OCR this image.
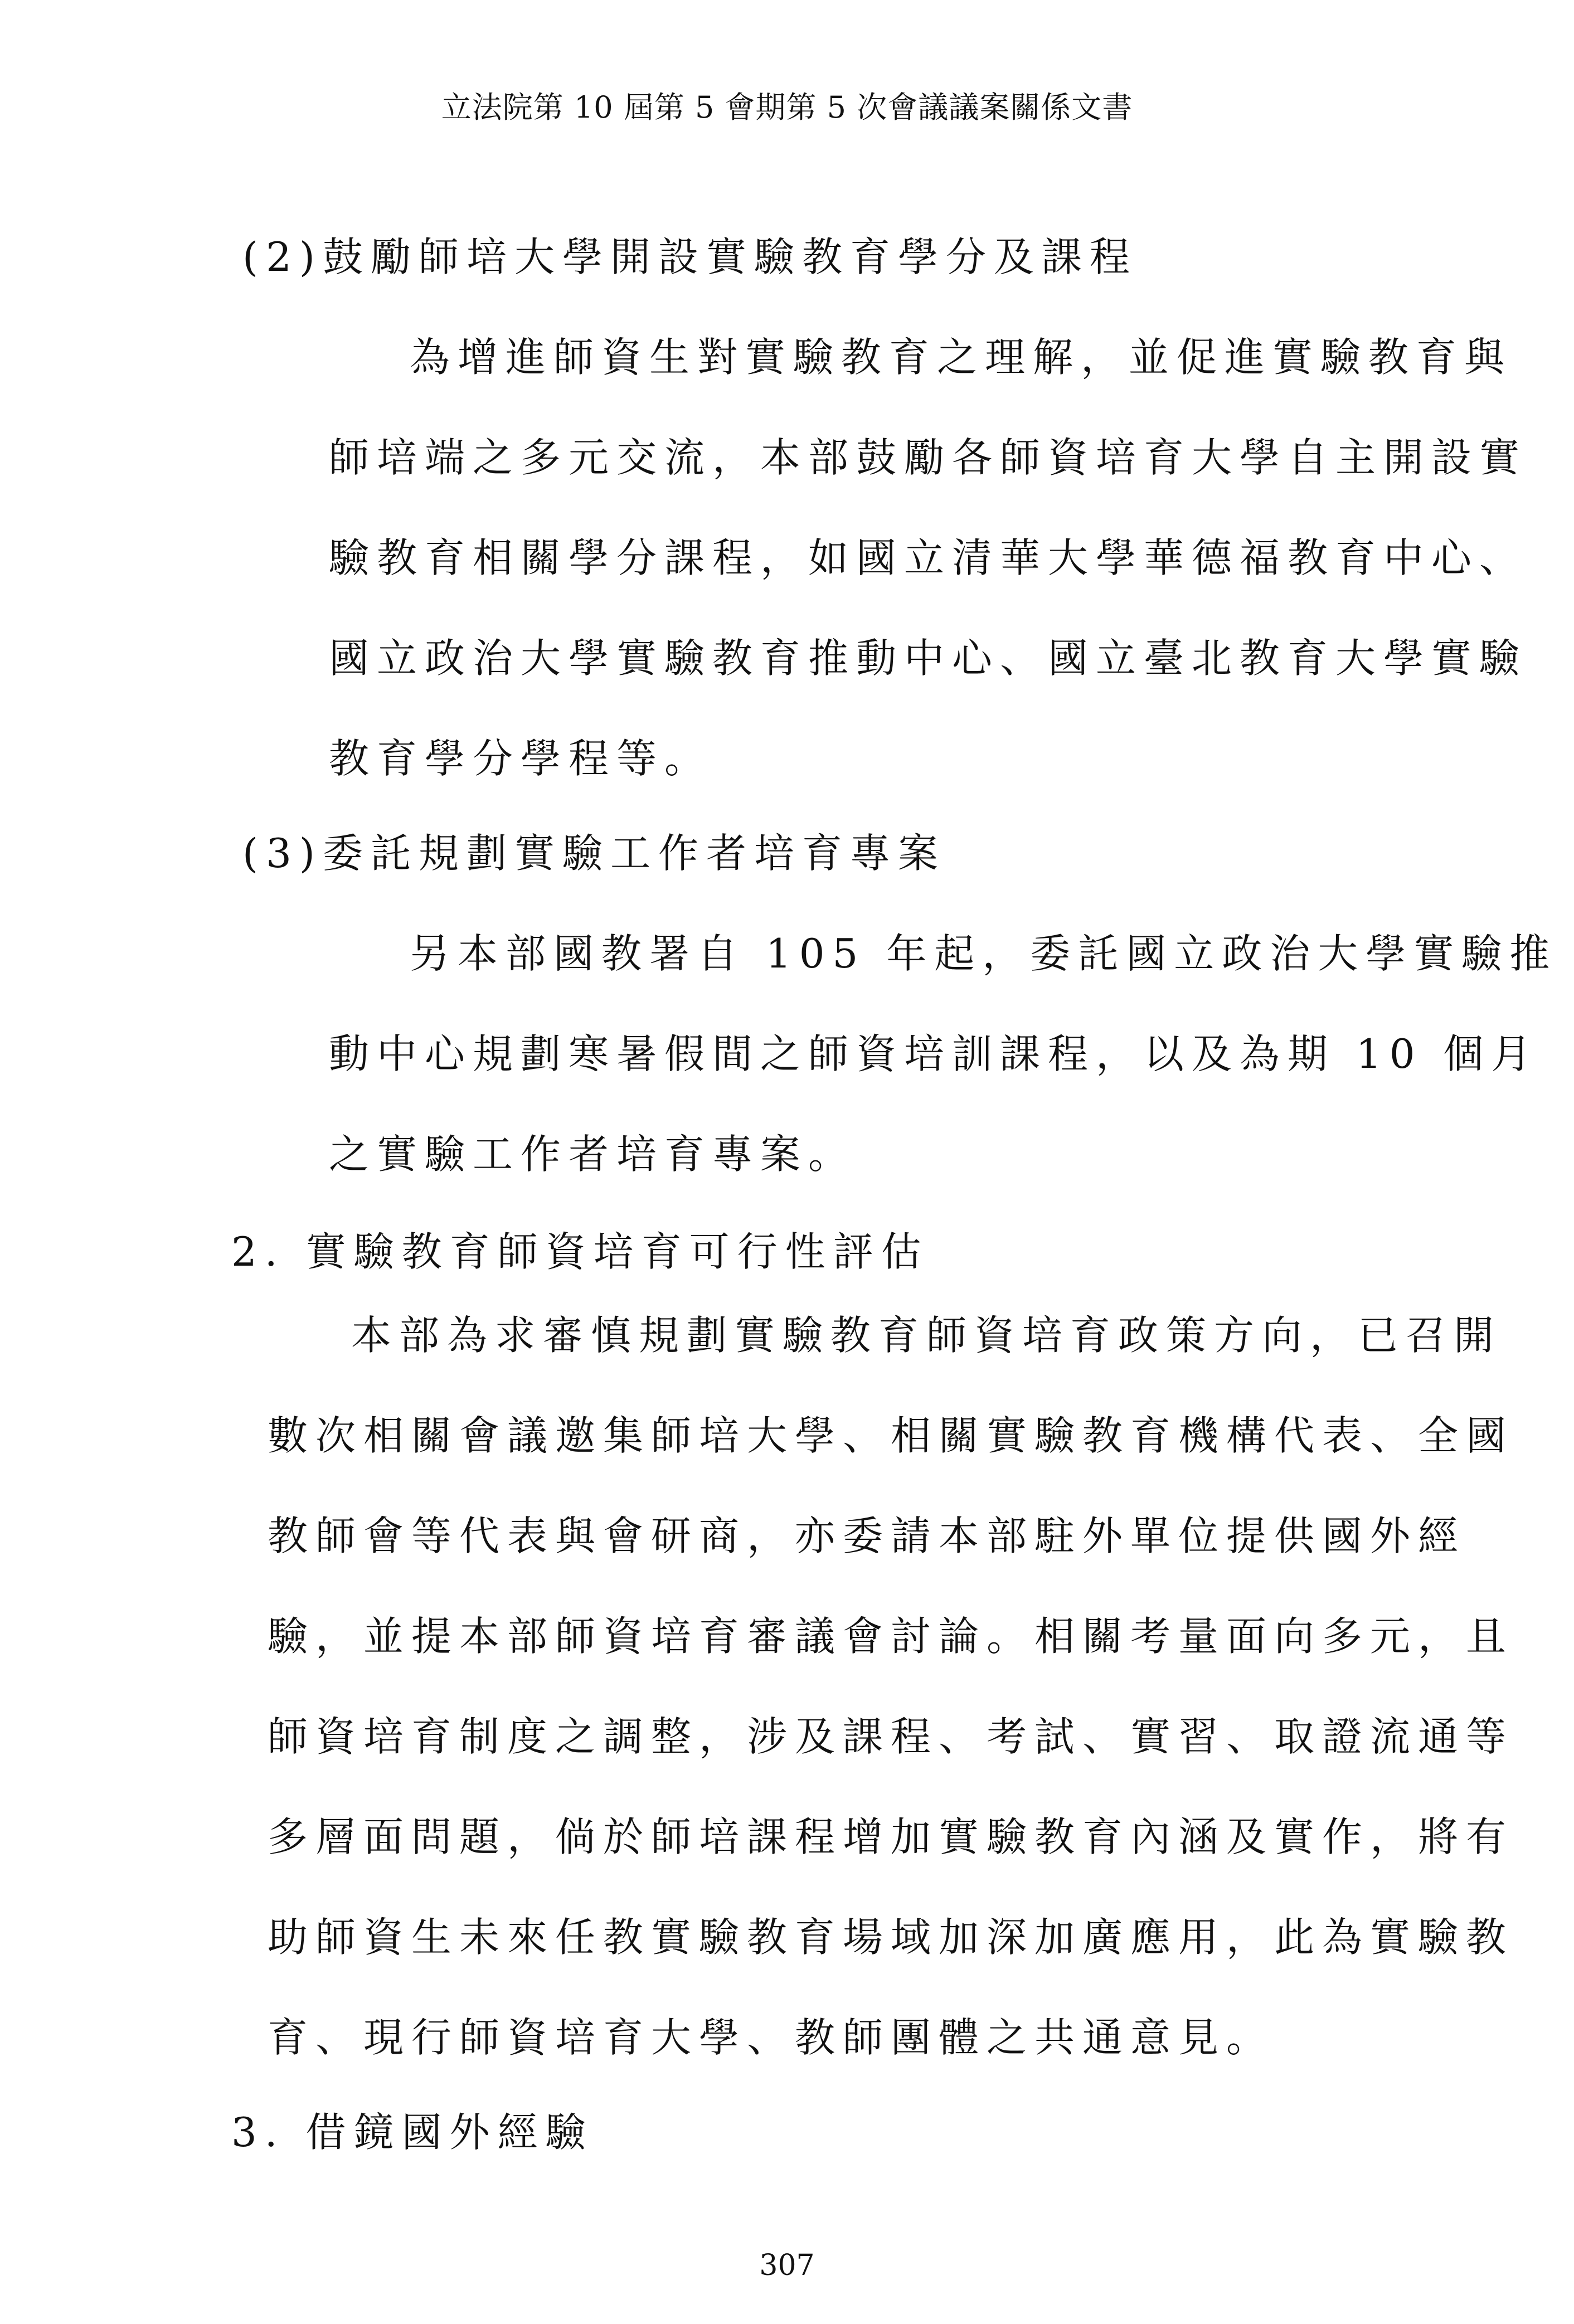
立法院第 10 屆第 5 會期第 5 次會議議案關係文書
(2)鼓勵師培大學開設實驗教育學分及課程
為增進師資生對實驗教育之理解，並促進實驗教育與
師培端之多元交流，本部鼓勵各師資培育大學自主開設實
驗教育相關學分課程，如國立清華大學華德福教育中心、
國立政治大學實驗教育推動中心、國立臺北教育大學實驗
教育學分學程等。
(3)委託規劃實驗工作者培育專案
另本部國教署自 105 年起，委託國立政治大學實驗推
動中心規劃寒暑假間之師資培訓課程，以及為期 10 個月
之實驗工作者培育專案。
2. 實驗教育師資培育可行性評估
本部為求審慎規劃實驗教育師資培育政策方向，已召開
數次相關會議邀集師培大學、相關實驗教育機構代表、全國
教師會等代表與會研商，亦委請本部駐外單位提供國外經
驗，並提本部師資培育審議會討論。相關考量面向多元，且
師資培育制度之調整，涉及課程、考試、實習、取證流通等
多層面問題，倘於師培課程增加實驗教育內涵及實作，將有
助師資生未來任教實驗教育場域加深加廣應用，此為實驗教
育、現行師資培育大學、教師團體之共通意見。
3. 借鏡國外經驗
307
